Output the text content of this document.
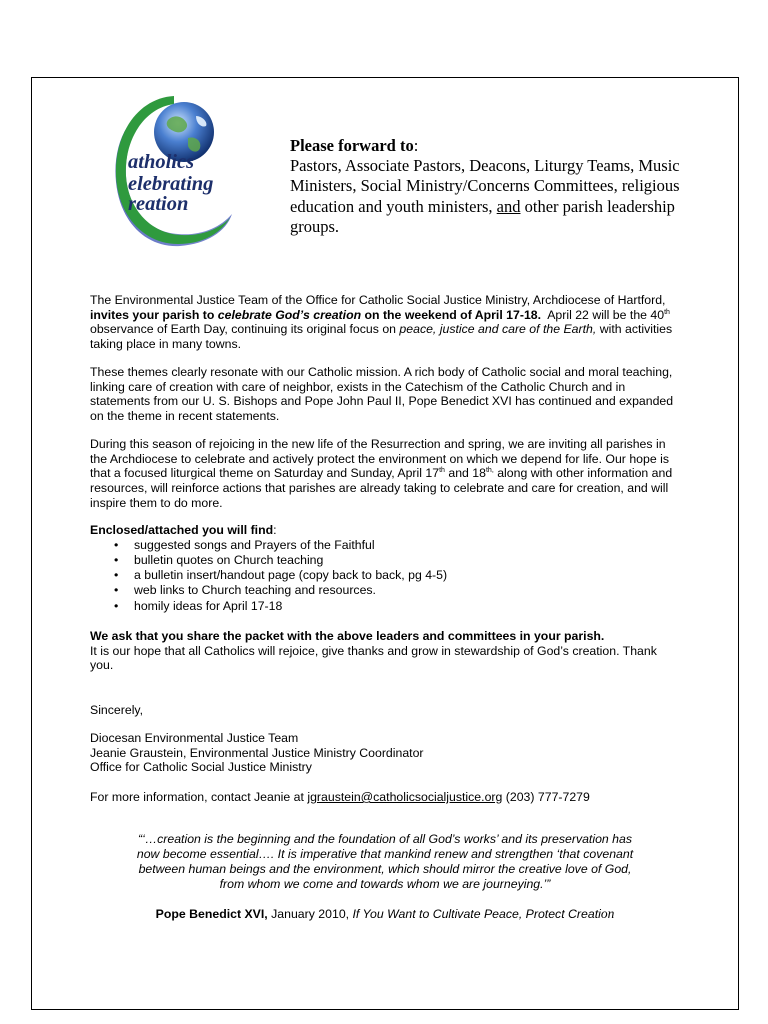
atholics
elebrating
reation
Please forward to:
Pastors, Associate Pastors, Deacons, Liturgy Teams, Music Ministers, Social Ministry/Concerns Committees, religious education and youth ministers, and other parish leadership groups.
The Environmental Justice Team of the Office for Catholic Social Justice Ministry, Archdiocese of Hartford, invites your parish to celebrate God’s creation on the weekend of April 17-18. April 22 will be the 40th observance of Earth Day, continuing its original focus on peace, justice and care of the Earth, with activities taking place in many towns.
These themes clearly resonate with our Catholic mission. A rich body of Catholic social and moral teaching, linking care of creation with care of neighbor, exists in the Catechism of the Catholic Church and in statements from our U. S. Bishops and Pope John Paul II, Pope Benedict XVI has continued and expanded on the theme in recent statements.
During this season of rejoicing in the new life of the Resurrection and spring, we are inviting all parishes in the Archdiocese to celebrate and actively protect the environment on which we depend for life. Our hope is that a focused liturgical theme on Saturday and Sunday, April 17th and $18^{th,}$ along with other information and resources, will reinforce actions that parishes are already taking to celebrate and care for creation, and will inspire them to do more.
Enclosed/attached you will find:
• suggested songs and Prayers of the Faithful
• bulletin quotes on Church teaching
• a bulletin insert/handout page (copy back to back, pg 4-5)
• web links to Church teaching and resources.
• homily ideas for April 17-18
We ask that you share the packet with the above leaders and committees in your parish.
It is our hope that all Catholics will rejoice, give thanks and grow in stewardship of God’s creation. Thank you.
Sincerely,
Diocesan Environmental Justice Team
Jeanie Graustein, Environmental Justice Ministry Coordinator
Office for Catholic Social Justice Ministry
For more information, contact Jeanie at jgraustein@catholicsocialjustice.org (203) 777-7279
“‘…creation is the beginning and the foundation of all God’s works’ and its preservation has now become essential…. It is imperative that mankind renew and strengthen ‘that covenant between human beings and the environment, which should mirror the creative love of God, from whom we come and towards whom we are journeying.’”
Pope Benedict XVI, January 2010, If You Want to Cultivate Peace, Protect Creation
